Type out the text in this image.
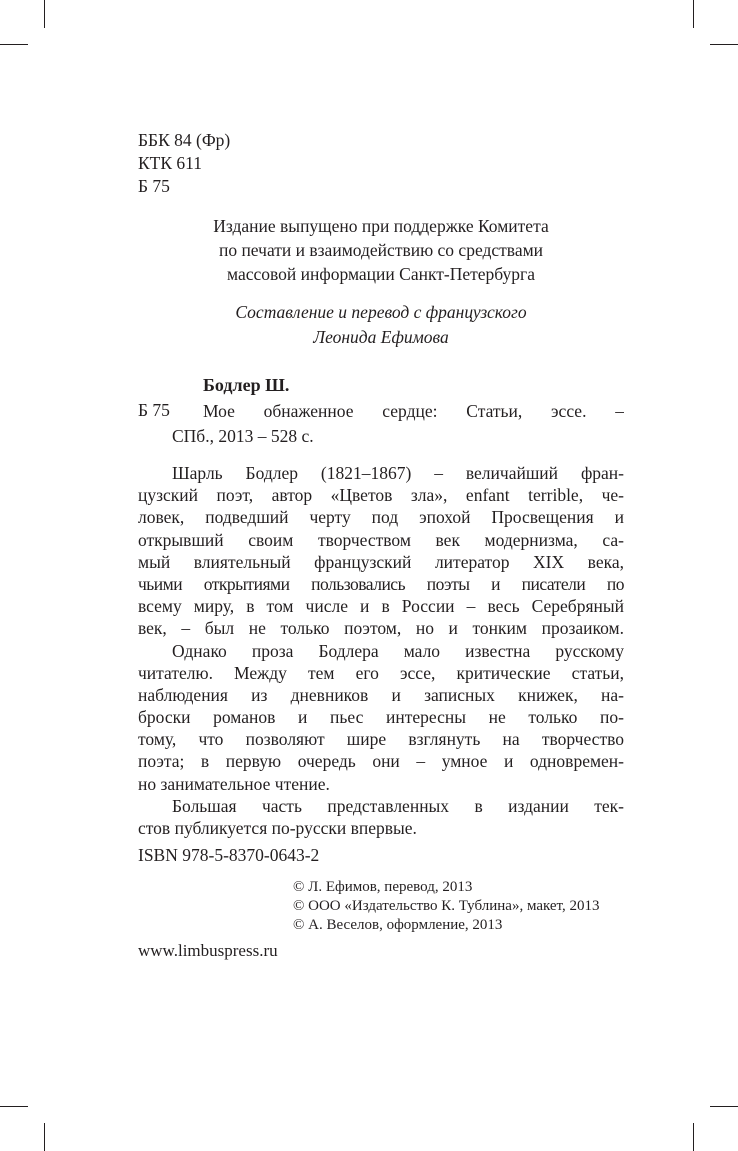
ББК 84 (Фр)
КТК 611
Б 75
Издание выпущено при поддержке Комитета
по печати и взаимодействию со средствами
массовой информации Санкт-Петербурга
Составление и перевод с французского
Леонида Ефимова
Бодлер Ш.
Б 75 Мое обнаженное сердце: Статьи, эссе. –
СПб., 2013 – 528 с.
Шарль Бодлер (1821–1867) – величайший фран-
цузский поэт, автор «Цветов зла», enfant terrible, че-
ловек, подведший черту под эпохой Просвещения и
открывший своим творчеством век модернизма, са-
мый влиятельный французский литератор XIX века,
чьими открытиями пользовались поэты и писатели по
всему миру, в том числе и в России – весь Серебряный
век, – был не только поэтом, но и тонким прозаиком.
Однако проза Бодлера мало известна русскому
читателю. Между тем его эссе, критические статьи,
наблюдения из дневников и записных книжек, на-
броски романов и пьес интересны не только по-
тому, что позволяют шире взглянуть на творчество
поэта; в первую очередь они – умное и одновремен-
но занимательное чтение.
Большая часть представленных в издании тек-
стов публикуется по-русски впервые.
ISBN 978-5-8370-0643-2
© Л. Ефимов, перевод, 2013
© ООО «Издательство К. Тублина», макет, 2013
© А. Веселов, оформление, 2013
www.limbuspress.ru
